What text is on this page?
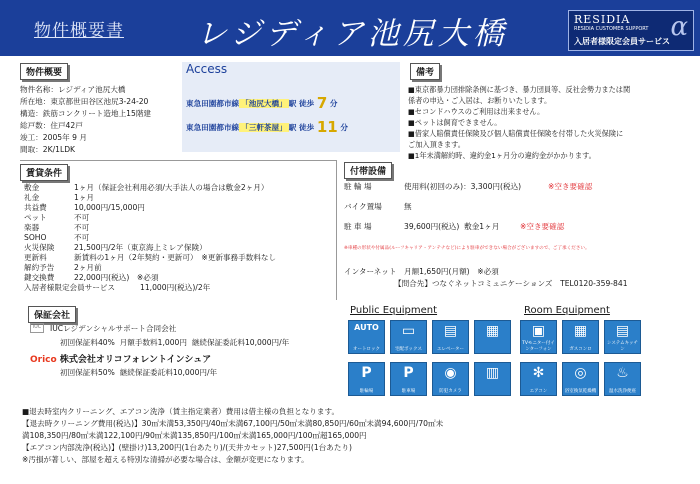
物件概要書 レジディア池尻大橋	RESIDIA
RESIDIA CUSTOMER SUPPORT
入居者様限定会員サービス α
物件概要
物件名称：レジディア池尻大橋
所在地：東京都世田谷区池尻3-24-20
構造：鉄筋コンクリート造地上15階建
総戸数：住戸42戸
竣工：2005年 9 月
間取：2K/1LDK
Access
東急田園都市線 「池尻大橋」 駅 徒歩 7 分
東急田園都市線 「三軒茶屋」 駅 徒歩 11 分
備考
■東京都暴力団排除条例に基づき、暴力団員等、反社会勢力または関
係者の申込・ご入居は、お断りいたします。
■セコンドハウスのご利用は出来ません。
■ペットは飼育できません。
■借家人賠償責任保険及び個人賠償責任保険を付帯した火災保険に
ご加入頂きます。
■1年未満解約時、違約金1ヶ月分の違約金がかかります。
賃貸条件
敷金	1ヶ月（保証会社利用必須/大手法人の場合は敷金2ヶ月）
礼金	1ヶ月
共益費	10,000円/15,000円
ペット	不可
楽器	不可
SOHO	不可
火災保険	21,500円/2年（東京海上ミレア保険）
更新料	新賃料の1ヶ月（2年契約・更新可）　※更新事務手数料なし
解約予告	2ヶ月前
鍵交換費	22,000円(税込)　※必須
入居者様限定会員サービス	11,000円(税込)/2年
付帯設備
駐 輪 場	使用料(初回のみ)：3,300円(税込)	※空き要確認
バイク置場	無
駐 車 場	39,600円(税込)  敷金1ヶ月	※空き要確認
※車種の形状や付属品(ルーフキャリア・アンテナなど)により駐車ができない場合がございますので、ご了承ください。
インターネット 月額1,650円(月額)　※必須
【問合先】つなぐネットコミュニケーションズ　TEL0120-359-841
保証会社
IUC	IUCレジデンシャルサポート合同会社
初回保証料40%  月額手数料1,000円  継続保証委託料10,000円/年
Orico 株式会社オリコフォレントインシュア
初回保証料50%  継続保証委託料10,000円/年
Public Equipment
AUTO
オートロック
▭
宅配ボックス
▤
エレベーター
▦
P
駐輪場
P
駐車場
◉
防犯カメラ
▥
Room Equipment
▣
TVモニター付インターフォン
▦
ガスコンロ
▤
システムキッチン
✻
エアコン
◎
浴室換気乾燥機
♨
温水洗浄便座
■退去時室内クリーニング、エアコン洗浄（賃主指定業者）費用は借主様の負担となります。
【退去時クリーニング費用(税込)】30㎡未満53,350円/40㎡未満67,100円/50㎡未満80,850円/60㎡未満94,600円/70㎡未
満108,350円/80㎡未満122,100円/90㎡未満135,850円/100㎡未満165,000円/100㎡超165,000円
【エアコン内部洗浄(税込)】(壁掛け)13,200円(1台あたり)/(天井カセット)27,500円(1台あたり)
※汚損が著しい、部屋を超える特別な清掃が必要な場合は、金額が変更になります。
